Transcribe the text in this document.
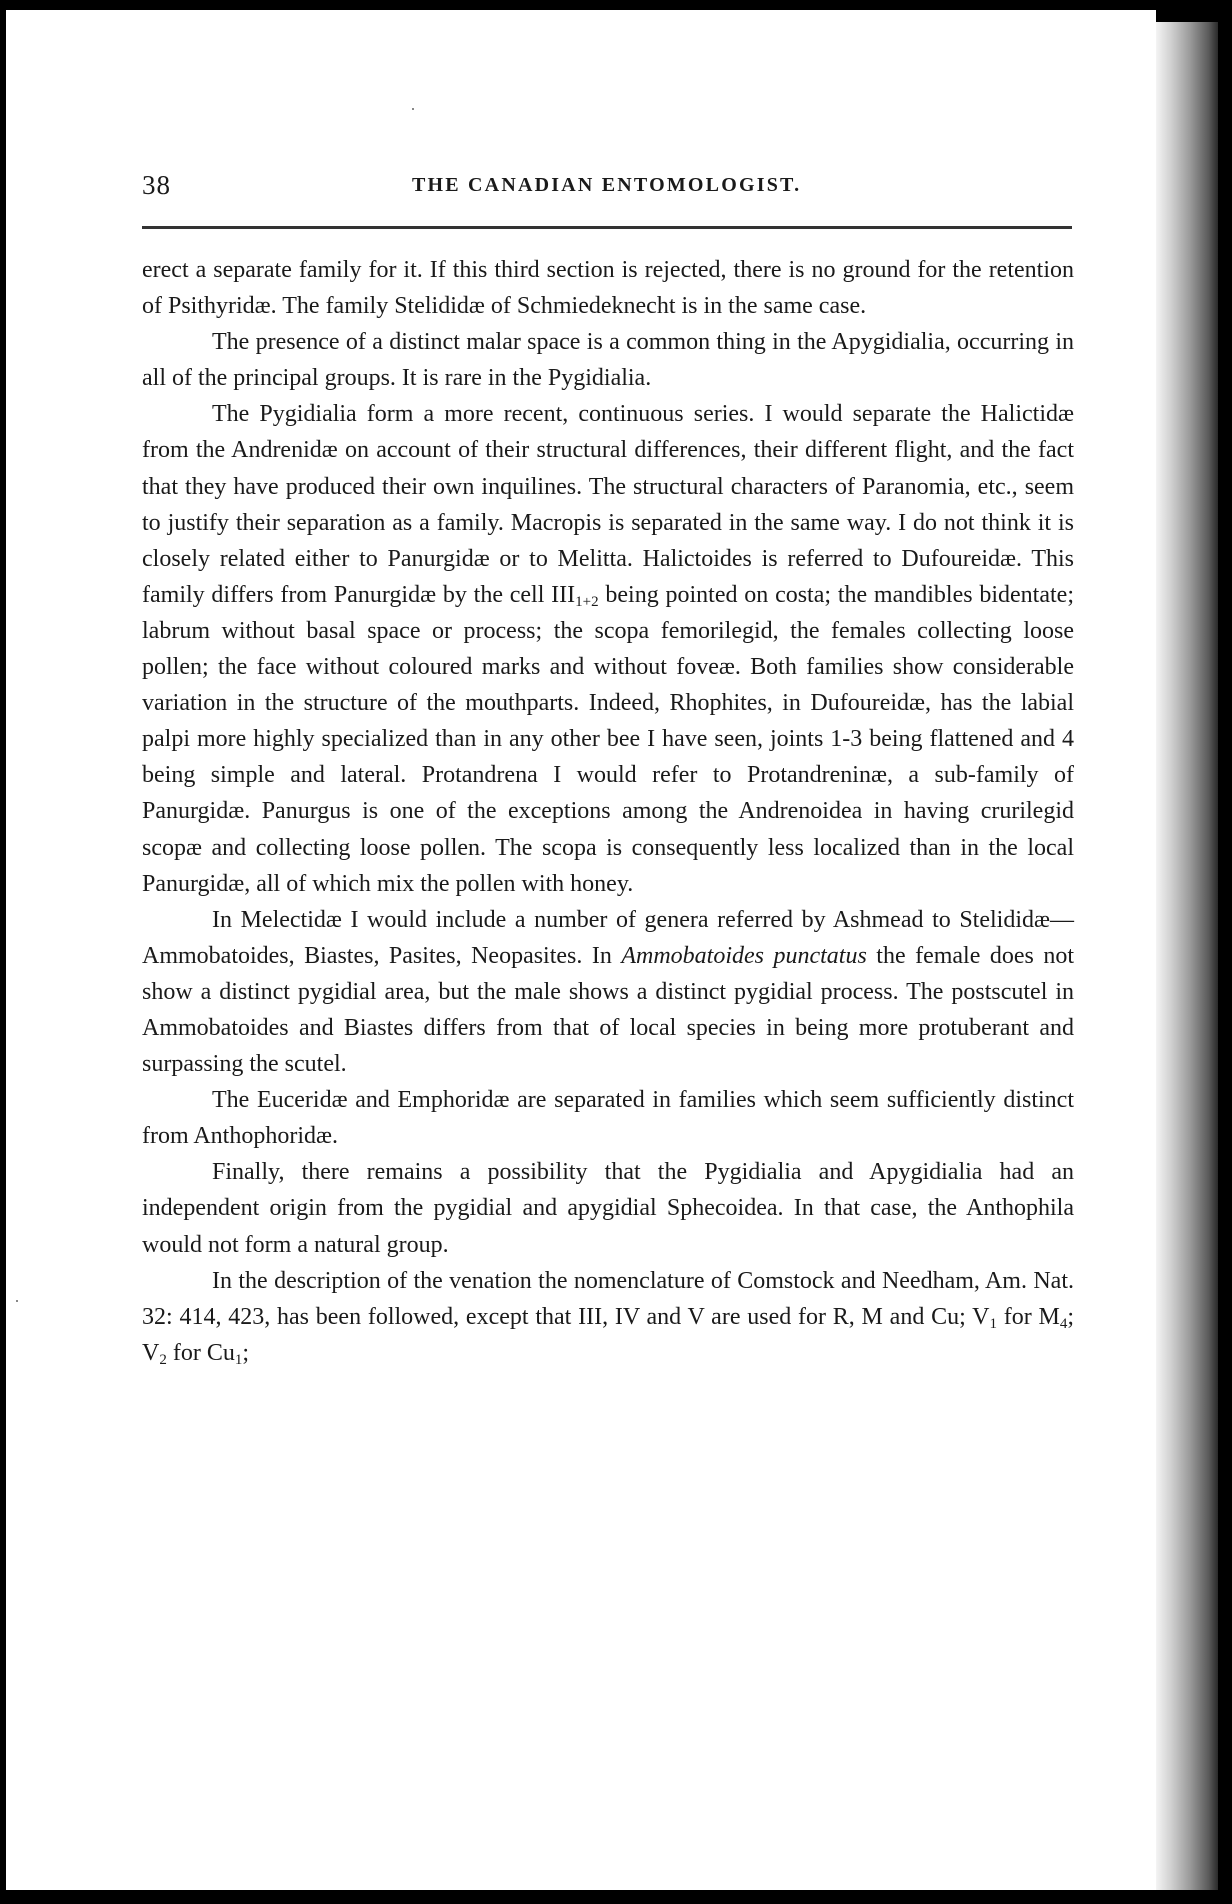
38	THE CANADIAN ENTOMOLOGIST.

erect a separate family for it. If this third section is rejected, there is no ground for the retention of Psithyridæ. The family Stelididæ of Schmiedeknecht is in the same case.

The presence of a distinct malar space is a common thing in the Apygidialia, occurring in all of the principal groups. It is rare in the Pygidialia.

The Pygidialia form a more recent, continuous series. I would separate the Halictidæ from the Andrenidæ on account of their structural differences, their different flight, and the fact that they have produced their own inquilines. The structural characters of Paranomia, etc., seem to justify their separation as a family. Macropis is separated in the same way. I do not think it is closely related either to Panurgidæ or to Melitta. Halictoides is referred to Dufoureidæ. This family differs from Panurgidæ by the cell $III_{1+2}$ being pointed on costa; the mandibles bidentate; labrum without basal space or process; the scopa femorilegid, the females collecting loose pollen; the face without coloured marks and without foveæ. Both families show considerable variation in the structure of the mouthparts. Indeed, Rhophites, in Dufoureidæ, has the labial palpi more highly specialized than in any other bee I have seen, joints 1-3 being flattened and 4 being simple and lateral. Protandrena I would refer to Protandreninæ, a sub-family of Panurgidæ. Panurgus is one of the exceptions among the Andrenoidea in having crurilegid scopæ and collecting loose pollen. The scopa is consequently less localized than in the local Panurgidæ, all of which mix the pollen with honey.

In Melectidæ I would include a number of genera referred by Ashmead to Stelididæ—Ammobatoides, Biastes, Pasites, Neopasites. In Ammobatoides punctatus the female does not show a distinct pygidial area, but the male shows a distinct pygidial process. The postscutel in Ammobatoides and Biastes differs from that of local species in being more protuberant and surpassing the scutel.

The Euceridæ and Emphoridæ are separated in families which seem sufficiently distinct from Anthophoridæ.

Finally, there remains a possibility that the Pygidialia and Apygidialia had an independent origin from the pygidial and apygidial Sphecoidea. In that case, the Anthophila would not form a natural group.

In the description of the venation the nomenclature of Comstock and Needham, Am. Nat. 32: 414, 423, has been followed, except that III, IV and V are used for R, M and Cu; $V_1$ for $M_4$; $V_2$ for $Cu_1$;
